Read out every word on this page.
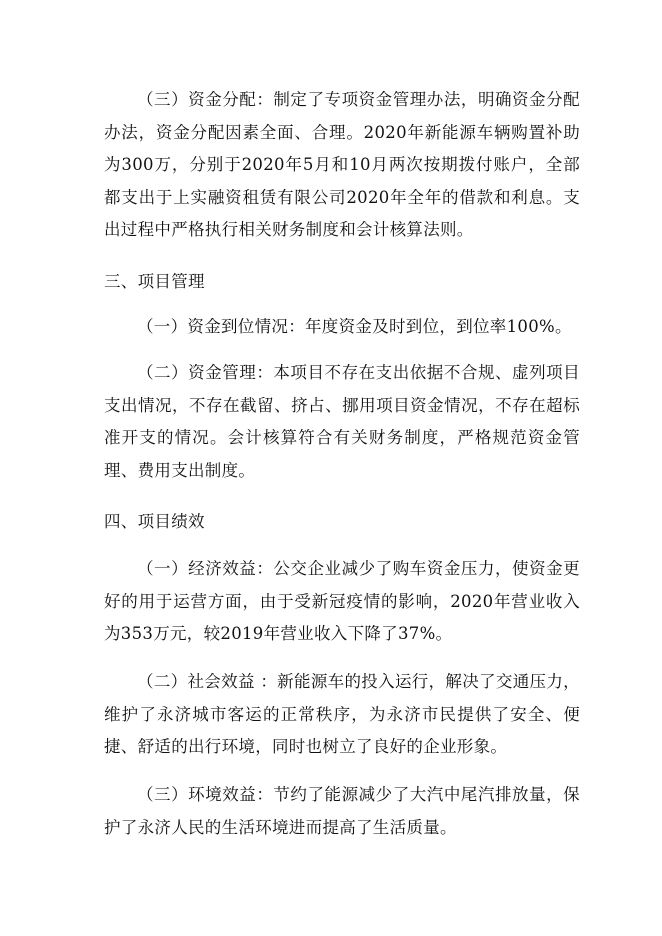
（三）资金分配：制定了专项资金管理办法，明确资金分配办法，资金分配因素全面、合理。2020年新能源车辆购置补助为300万，分别于2020年5月和10月两次按期拨付账户，全部都支出于上实融资租赁有限公司2020年全年的借款和利息。支出过程中严格执行相关财务制度和会计核算法则。

三、项目管理

（一）资金到位情况：年度资金及时到位，到位率100%。

（二）资金管理：本项目不存在支出依据不合规、虚列项目支出情况，不存在截留、挤占、挪用项目资金情况，不存在超标准开支的情况。会计核算符合有关财务制度，严格规范资金管理、费用支出制度。

四、项目绩效

（一）经济效益：公交企业减少了购车资金压力，使资金更好的用于运营方面，由于受新冠疫情的影响，2020年营业收入为353万元，较2019年营业收入下降了37%。

（二）社会效益 ：新能源车的投入运行，解决了交通压力，维护了永济城市客运的正常秩序，为永济市民提供了安全、便捷、舒适的出行环境，同时也树立了良好的企业形象。

（三）环境效益：节约了能源减少了大汽中尾汽排放量，保护了永济人民的生活环境进而提高了生活质量。
